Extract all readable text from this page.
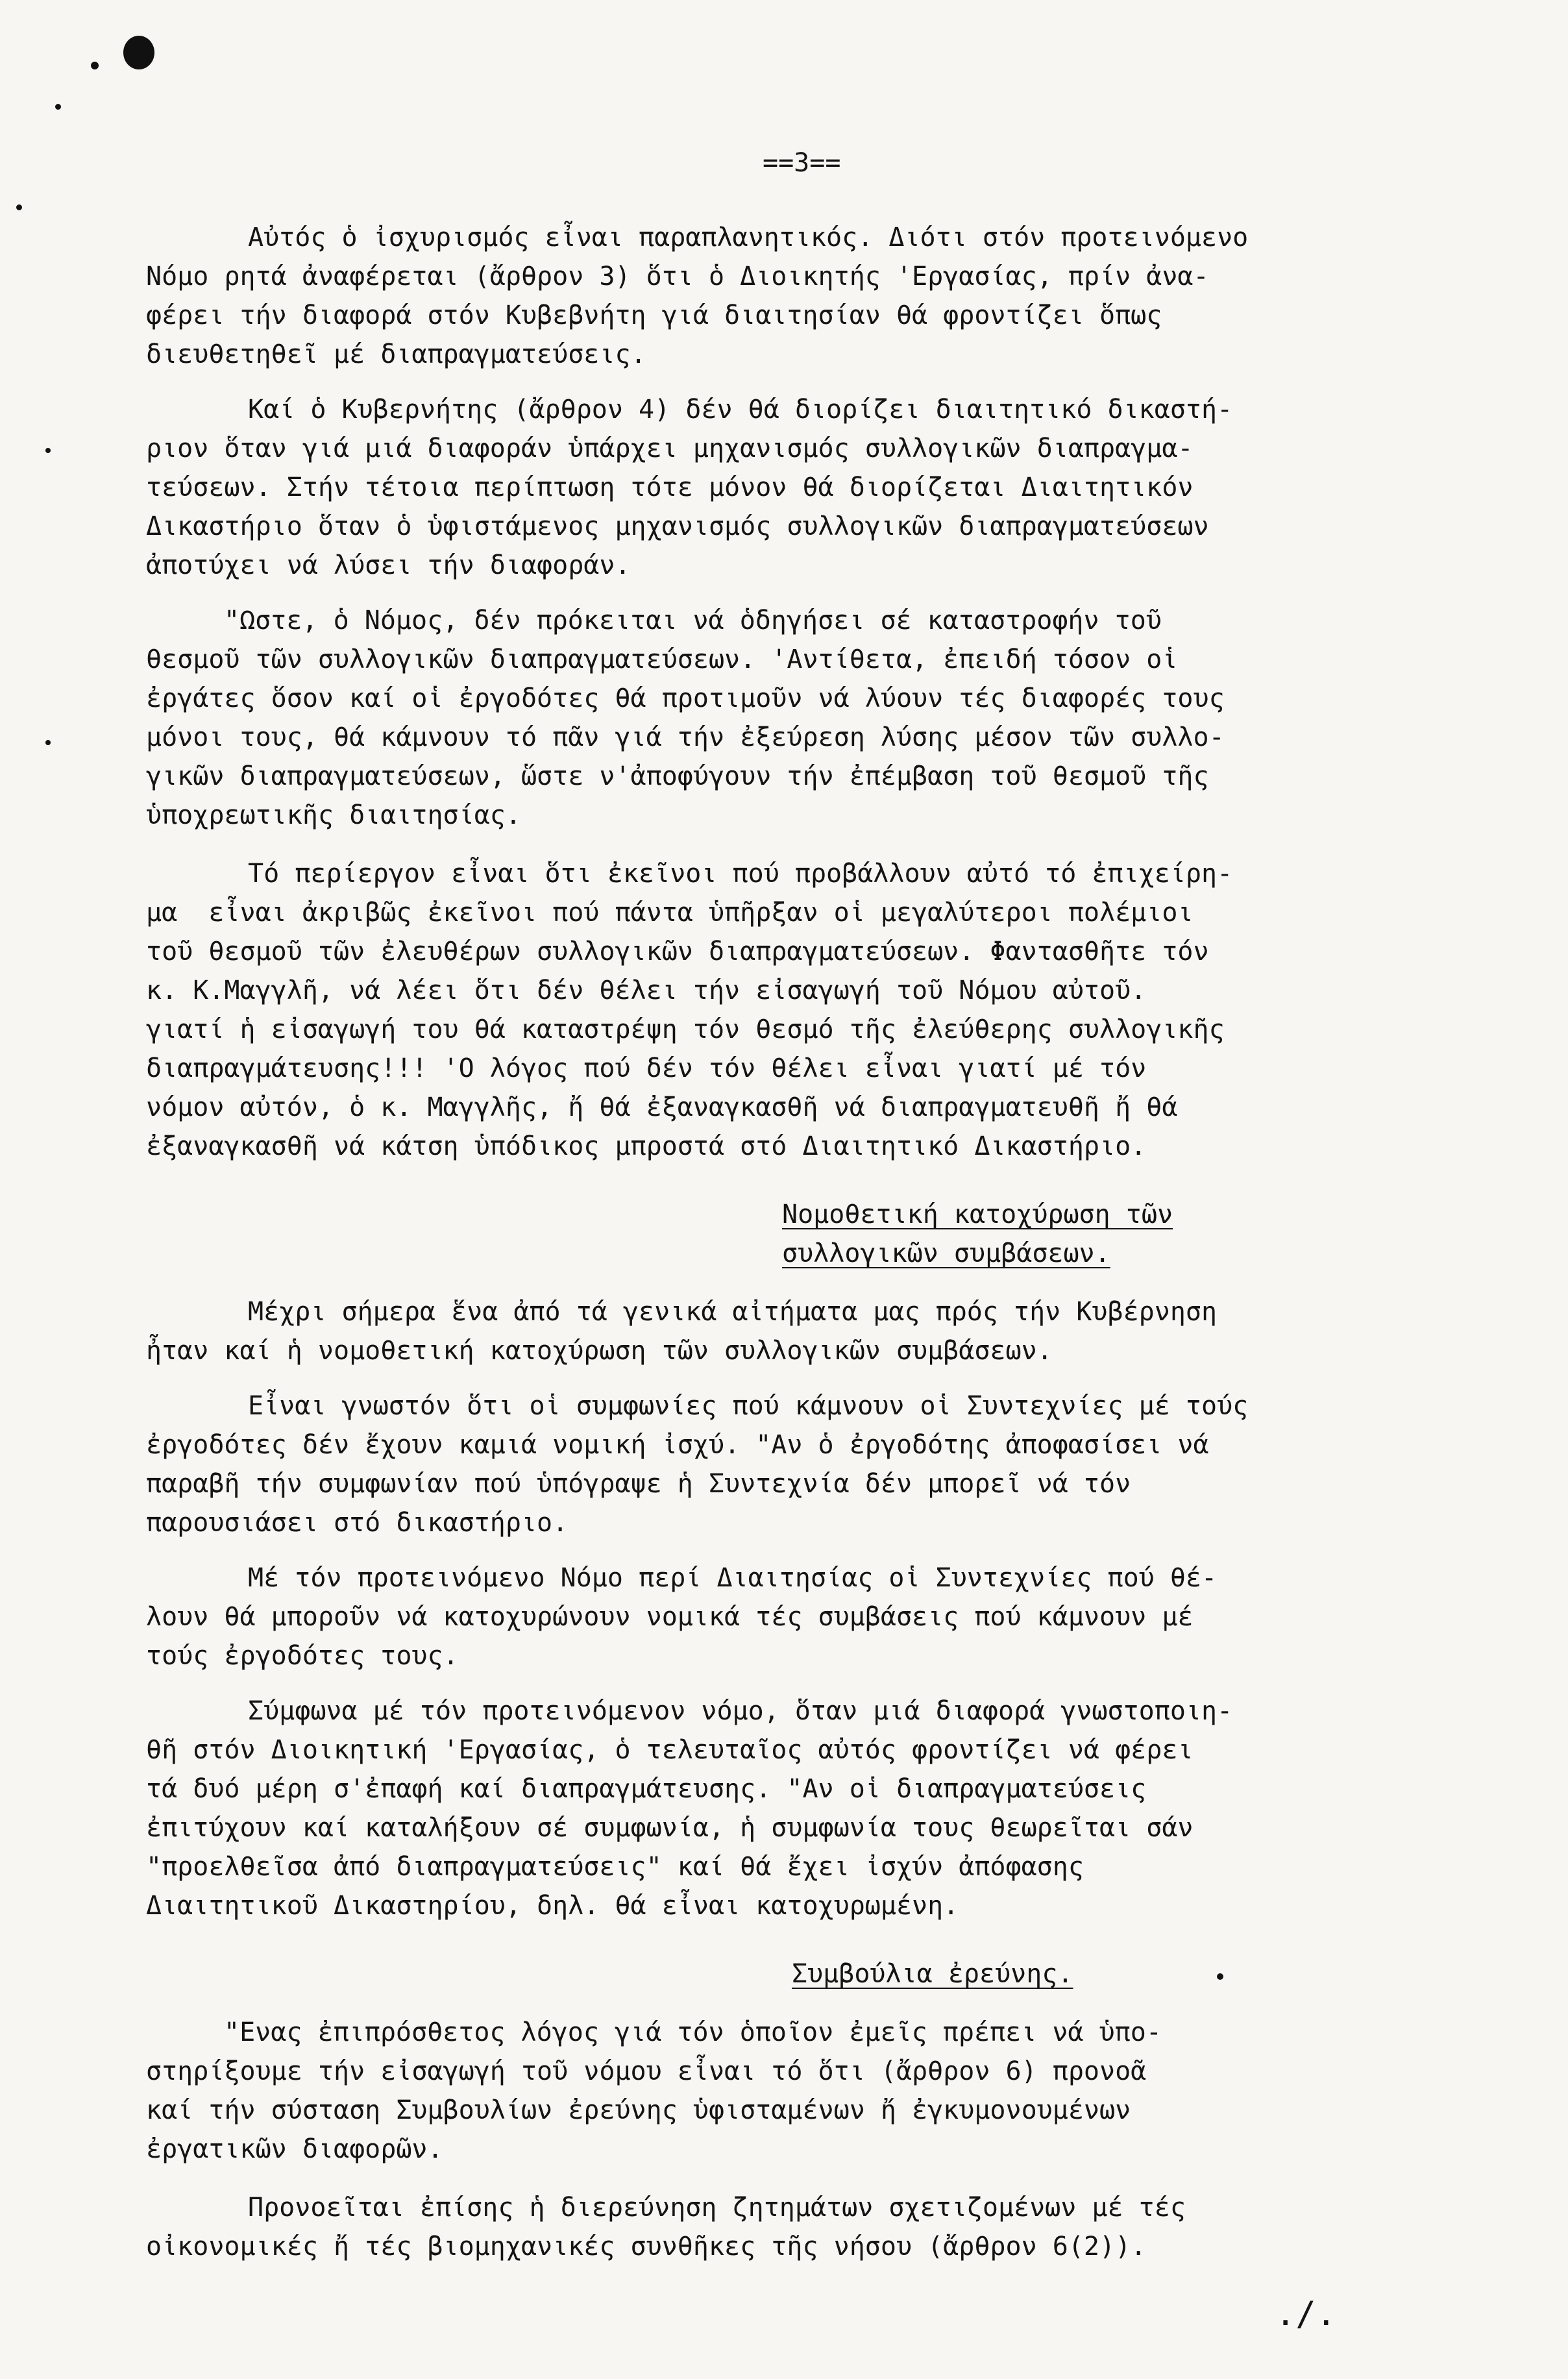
==3==
Αὐτός ὁ ἰσχυρισμός εἶναι παραπλανητικός. Διότι στόν προτεινόμενο
Νόμο ρητά ἀναφέρεται (ἄρθρον 3) ὅτι ὁ Διοικητής 'Εργασίας, πρίν ἀνα-
φέρει τήν διαφορά στόν Κυβεβνήτη γιά διαιτησίαν θά φροντίζει ὅπως
διευθετηθεῖ μέ διαπραγματεύσεις.
Καί ὁ Κυβερνήτης (ἄρθρον 4) δέν θά διορίζει διαιτητικό δικαστή-
ριον ὅταν γιά μιά διαφοράν ὑπάρχει μηχανισμός συλλογικῶν διαπραγμα-
τεύσεων. Στήν τέτοια περίπτωση τότε μόνον θά διορίζεται Διαιτητικόν
Δικαστήριο ὅταν ὁ ὑφιστάμενος μηχανισμός συλλογικῶν διαπραγματεύσεων
ἀποτύχει νά λύσει τήν διαφοράν.
"Ωστε, ὁ Νόμος, δέν πρόκειται νά ὁδηγήσει σέ καταστροφήν τοῦ
θεσμοῦ τῶν συλλογικῶν διαπραγματεύσεων. 'Αντίθετα, ἐπειδή τόσον οἱ
ἐργάτες ὅσον καί οἱ ἐργοδότες θά προτιμοῦν νά λύουν τές διαφορές τους
μόνοι τους, θά κάμνουν τό πᾶν γιά τήν ἐξεύρεση λύσης μέσον τῶν συλλο-
γικῶν διαπραγματεύσεων, ὥστε ν'ἀποφύγουν τήν ἐπέμβαση τοῦ θεσμοῦ τῆς
ὑποχρεωτικῆς διαιτησίας.
Τό περίεργον εἶναι ὅτι ἐκεῖνοι πού προβάλλουν αὐτό τό ἐπιχείρη-
μα  εἶναι ἀκριβῶς ἐκεῖνοι πού πάντα ὑπῆρξαν οἱ μεγαλύτεροι πολέμιοι
τοῦ θεσμοῦ τῶν ἐλευθέρων συλλογικῶν διαπραγματεύσεων. Φαντασθῆτε τόν
κ. Κ.Μαγγλῆ, νά λέει ὅτι δέν θέλει τήν εἰσαγωγή τοῦ Νόμου αὐτοῦ.
γιατί ἡ εἰσαγωγή του θά καταστρέψη τόν θεσμό τῆς ἐλεύθερης συλλογικῆς
διαπραγμάτευσης!!! 'Ο λόγος πού δέν τόν θέλει εἶναι γιατί μέ τόν
νόμον αὐτόν, ὁ κ. Μαγγλῆς, ἤ θά ἐξαναγκασθῆ νά διαπραγματευθῆ ἤ θά
ἐξαναγκασθῆ νά κάτση ὑπόδικος μπροστά στό Διαιτητικό Δικαστήριο.
Νομοθετική κατοχύρωση τῶν
συλλογικῶν συμβάσεων.
Μέχρι σήμερα ἕνα ἀπό τά γενικά αἰτήματα μας πρός τήν Κυβέρνηση
ἦταν καί ἡ νομοθετική κατοχύρωση τῶν συλλογικῶν συμβάσεων.
Εἶναι γνωστόν ὅτι οἱ συμφωνίες πού κάμνουν οἱ Συντεχνίες μέ τούς
ἐργοδότες δέν ἔχουν καμιά νομική ἰσχύ. "Αν ὁ ἐργοδότης ἀποφασίσει νά
παραβῆ τήν συμφωνίαν πού ὑπόγραψε ἡ Συντεχνία δέν μπορεῖ νά τόν
παρουσιάσει στό δικαστήριο.
Μέ τόν προτεινόμενο Νόμο περί Διαιτησίας οἱ Συντεχνίες πού θέ-
λουν θά μποροῦν νά κατοχυρώνουν νομικά τές συμβάσεις πού κάμνουν μέ
τούς ἐργοδότες τους.
Σύμφωνα μέ τόν προτεινόμενον νόμο, ὅταν μιά διαφορά γνωστοποιη-
θῆ στόν Διοικητική 'Εργασίας, ὁ τελευταῖος αὐτός φροντίζει νά φέρει
τά δυό μέρη σ'ἐπαφή καί διαπραγμάτευσης. "Αν οἱ διαπραγματεύσεις
ἐπιτύχουν καί καταλήξουν σέ συμφωνία, ἡ συμφωνία τους θεωρεῖται σάν
"προελθεῖσα ἀπό διαπραγματεύσεις" καί θά ἔχει ἰσχύν ἀπόφασης
Διαιτητικοῦ Δικαστηρίου, δηλ. θά εἶναι κατοχυρωμένη.
Συμβούλια ἐρεύνης.
"Ενας ἐπιπρόσθετος λόγος γιά τόν ὁποῖον ἐμεῖς πρέπει νά ὑπο-
στηρίξουμε τήν εἰσαγωγή τοῦ νόμου εἶναι τό ὅτι (ἄρθρον 6) προνοᾶ
καί τήν σύσταση Συμβουλίων ἐρεύνης ὑφισταμένων ἤ ἐγκυμονουμένων
ἐργατικῶν διαφορῶν.
Προνοεῖται ἐπίσης ἡ διερεύνηση ζητημάτων σχετιζομένων μέ τές
οἰκονομικές ἤ τές βιομηχανικές συνθῆκες τῆς νήσου (ἄρθρον 6(2)).
./.
